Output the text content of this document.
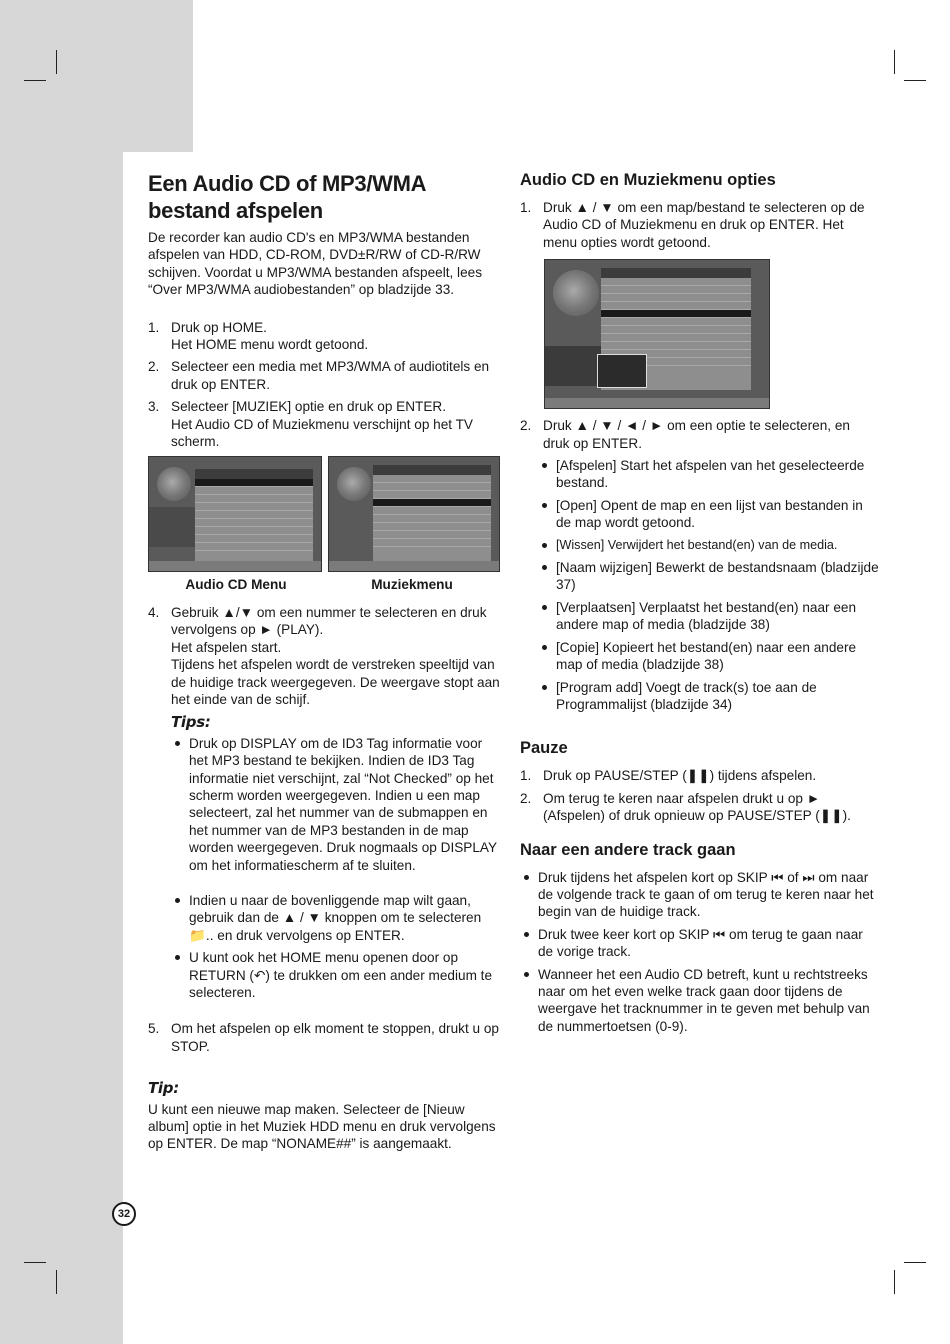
Een Audio CD of MP3/WMA bestand afspelen

De recorder kan audio CD's en MP3/WMA bestanden afspelen van HDD, CD-ROM, DVD±R/RW of CD-R/RW schijven. Voordat u MP3/WMA bestanden afspeelt, lees “Over MP3/WMA audiobestanden” op bladzijde 33.

1. Druk op HOME.
Het HOME menu wordt getoond.
2. Selecteer een media met MP3/WMA of audiotitels en druk op ENTER.
3. Selecteer [MUZIEK] optie en druk op ENTER.
Het Audio CD of Muziekmenu verschijnt op het TV scherm.
Audio CD Menu	Muziekmenu
4. Gebruik ▲/▼ om een nummer te selecteren en druk vervolgens op ► (PLAY).
Het afspelen start.
Tijdens het afspelen wordt de verstreken speeltijd van de huidige track weergegeven. De weergave stopt aan het einde van de schijf.
Tips:
Druk op DISPLAY om de ID3 Tag informatie voor het MP3 bestand te bekijken. Indien de ID3 Tag informatie niet verschijnt, zal “Not Checked” op het scherm worden weergegeven. Indien u een map selecteert, zal het nummer van de submappen en het nummer van de MP3 bestanden in de map worden weergegeven. Druk nogmaals op DISPLAY om het informatiescherm af te sluiten.
Indien u naar de bovenliggende map wilt gaan, gebruik dan de ▲ / ▼ knoppen om te selecteren 📁.. en druk vervolgens op ENTER.
U kunt ook het HOME menu openen door op RETURN (↶) te drukken om een ander medium te selecteren.
5. Om het afspelen op elk moment te stoppen, drukt u op STOP.
Tip:

U kunt een nieuwe map maken. Selecteer de [Nieuw album] optie in het Muziek HDD menu en druk vervolgens op ENTER. De map “NONAME##” is aangemaakt.

Audio CD en Muziekmenu opties
1. Druk ▲ / ▼ om een map/bestand te selecteren op de Audio CD of Muziekmenu en druk op ENTER. Het menu opties wordt getoond.
2. Druk ▲ / ▼ / ◄ / ► om een optie te selecteren, en druk op ENTER.
[Afspelen] Start het afspelen van het geselecteerde bestand.
[Open] Opent de map en een lijst van bestanden in de map wordt getoond.
[Wissen] Verwijdert het bestand(en) van de media.
[Naam wijzigen] Bewerkt de bestandsnaam (bladzijde 37)
[Verplaatsen] Verplaatst het bestand(en) naar een andere map of media (bladzijde 38)
[Copie] Kopieert het bestand(en) naar een andere map of media (bladzijde 38)
[Program add] Voegt de track(s) toe aan de Programmalijst (bladzijde 34)
Pauze
1. Druk op PAUSE/STEP (❚❚) tijdens afspelen.
2. Om terug te keren naar afspelen drukt u op ► (Afspelen) of druk opnieuw op PAUSE/STEP (❚❚).
Naar een andere track gaan
Druk tijdens het afspelen kort op SKIP ⏮ of ⏭ om naar de volgende track te gaan of om terug te keren naar het begin van de huidige track.
Druk twee keer kort op SKIP ⏮ om terug te gaan naar de vorige track.
Wanneer het een Audio CD betreft, kunt u rechtstreeks naar om het even welke track gaan door tijdens de weergave het tracknummer in te geven met behulp van de nummertoetsen (0-9).
32
